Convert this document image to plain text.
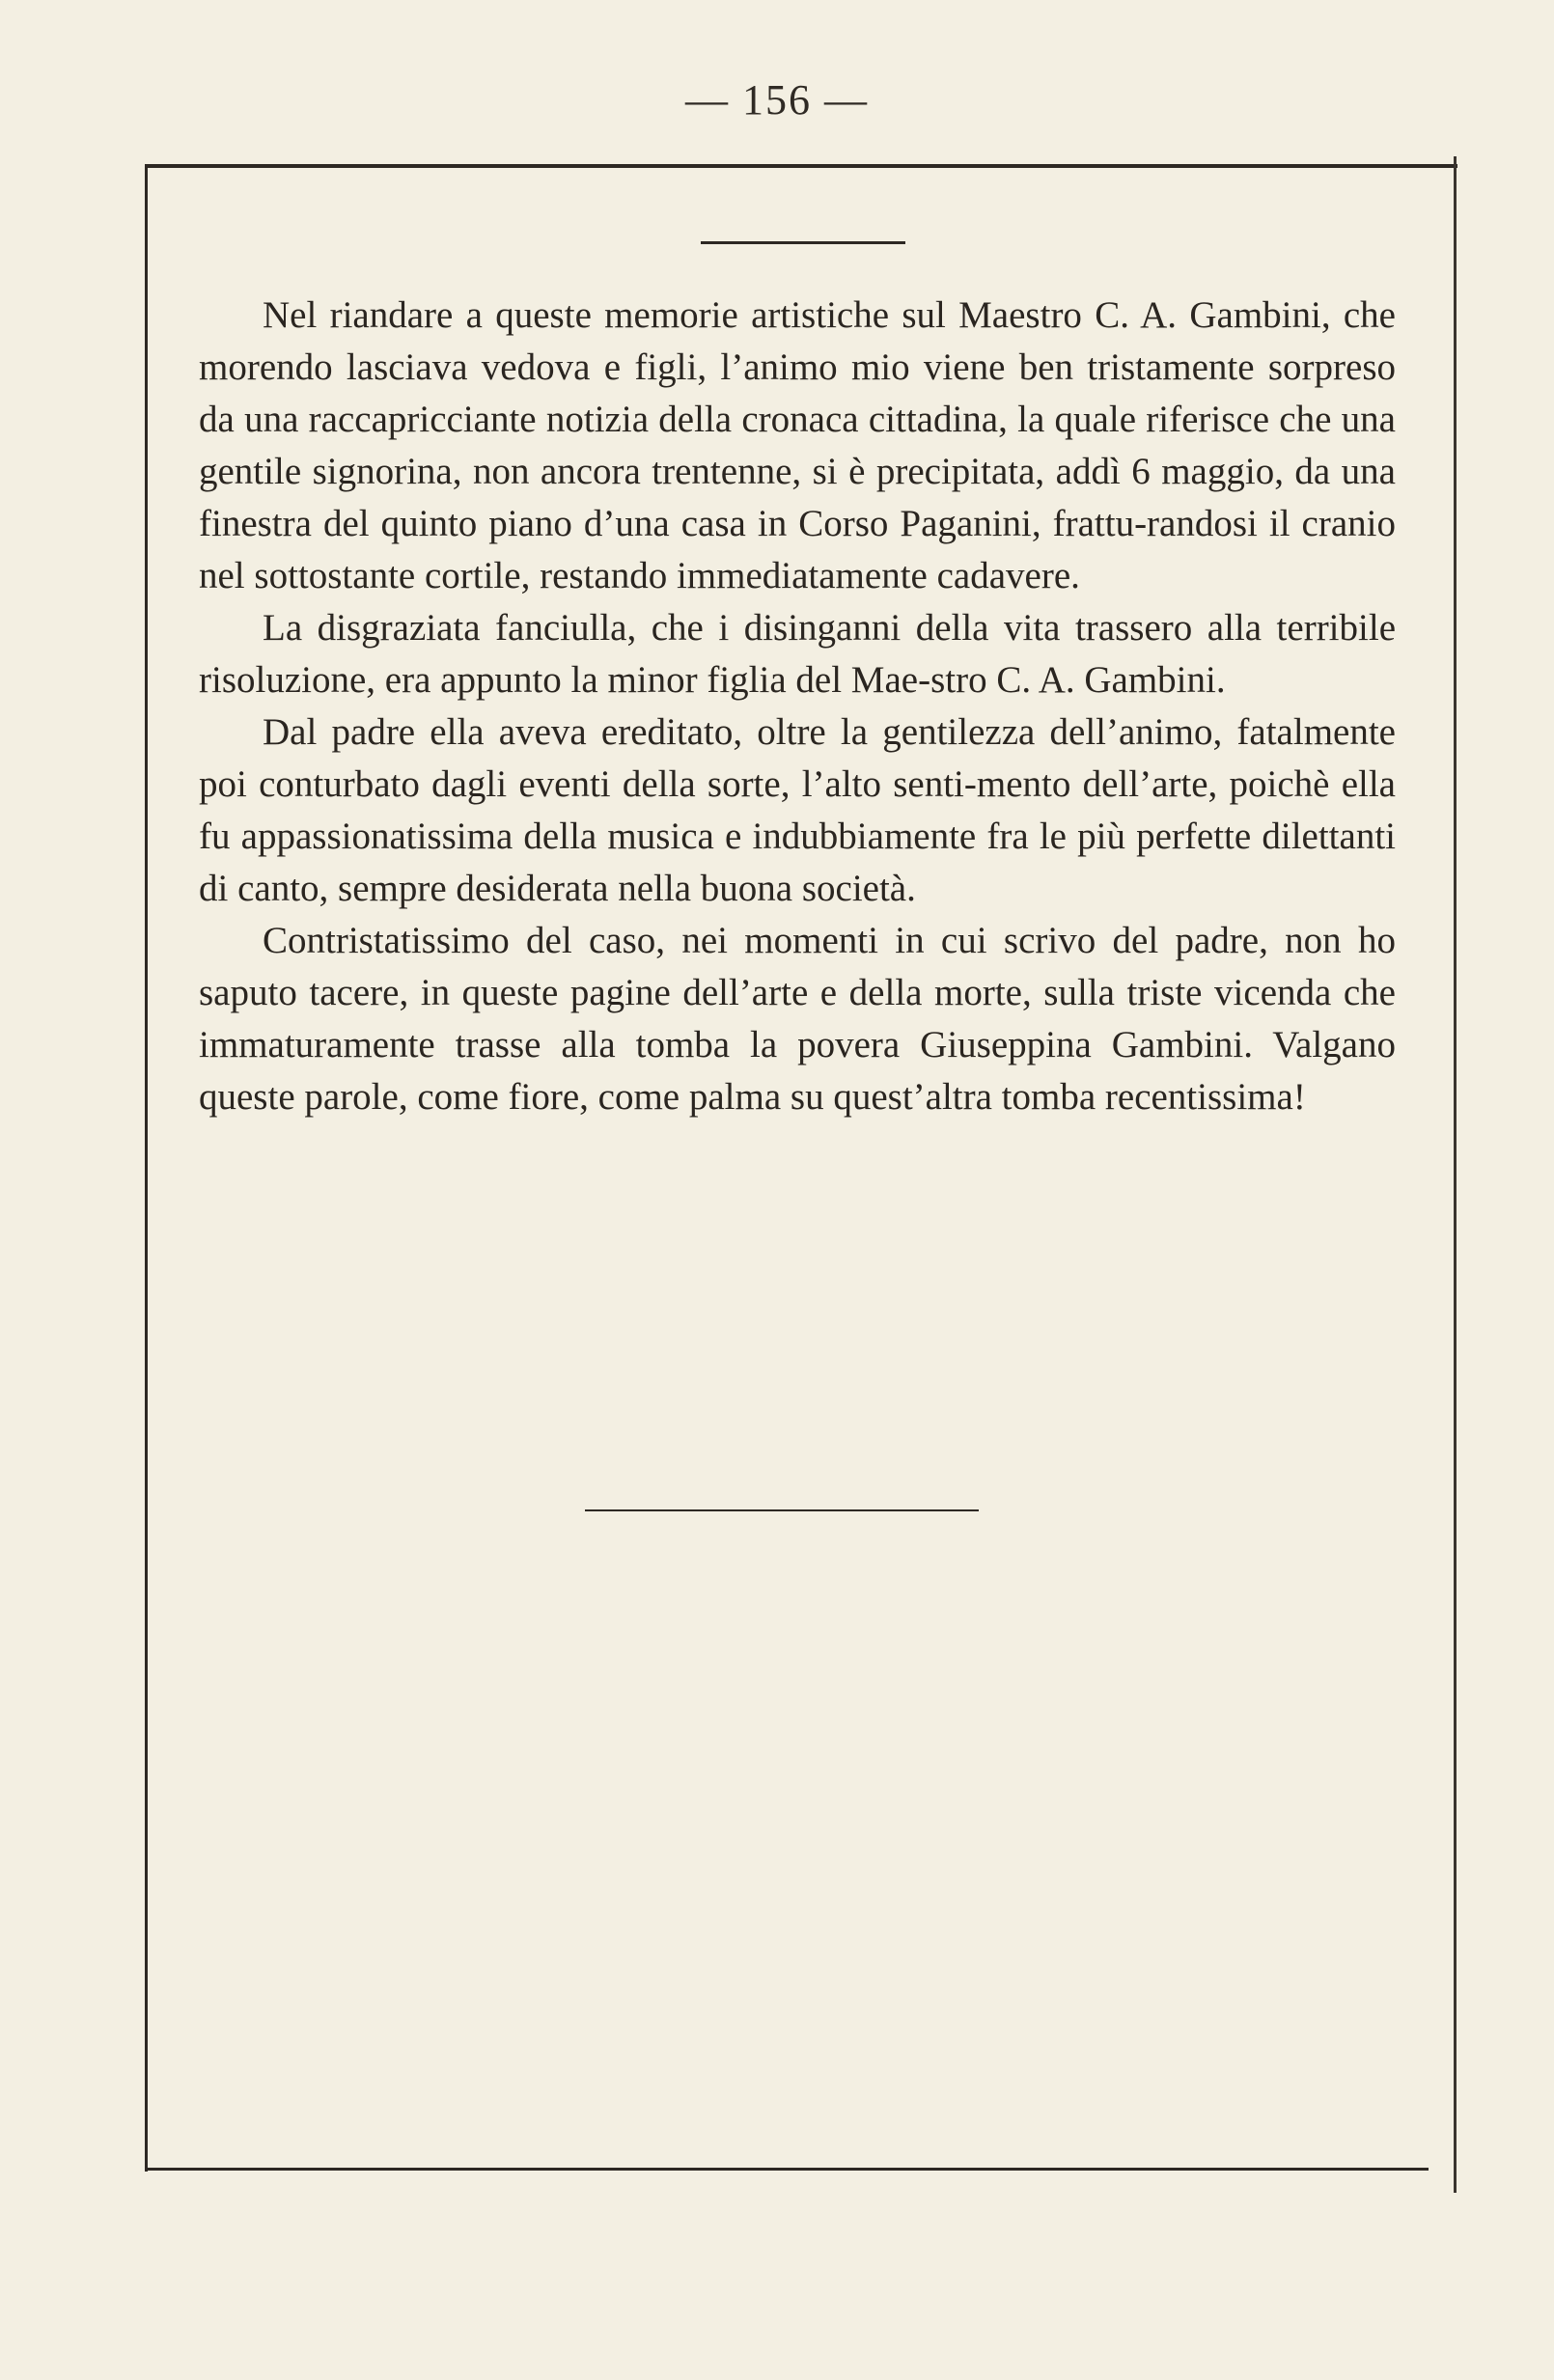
— 156 —

Nel riandare a queste memorie artistiche sul Maestro C. A. Gambini, che morendo lasciava vedova e figli, l’animo mio viene ben tristamente sorpreso da una raccapricciante notizia della cronaca cittadina, la quale riferisce che una gentile signorina, non ancora trentenne, si è precipitata, addì 6 maggio, da una finestra del quinto piano d’una casa in Corso Paganini, frattu-randosi il cranio nel sottostante cortile, restando immediatamente cadavere.

La disgraziata fanciulla, che i disinganni della vita trassero alla terribile risoluzione, era appunto la minor figlia del Mae-stro C. A. Gambini.

Dal padre ella aveva ereditato, oltre la gentilezza dell’animo, fatalmente poi conturbato dagli eventi della sorte, l’alto senti-mento dell’arte, poichè ella fu appassionatissima della musica e indubbiamente fra le più perfette dilettanti di canto, sempre desiderata nella buona società.

Contristatissimo del caso, nei momenti in cui scrivo del padre, non ho saputo tacere, in queste pagine dell’arte e della morte, sulla triste vicenda che immaturamente trasse alla tomba la povera Giuseppina Gambini. Valgano queste parole, come fiore, come palma su quest’altra tomba recentissima!
